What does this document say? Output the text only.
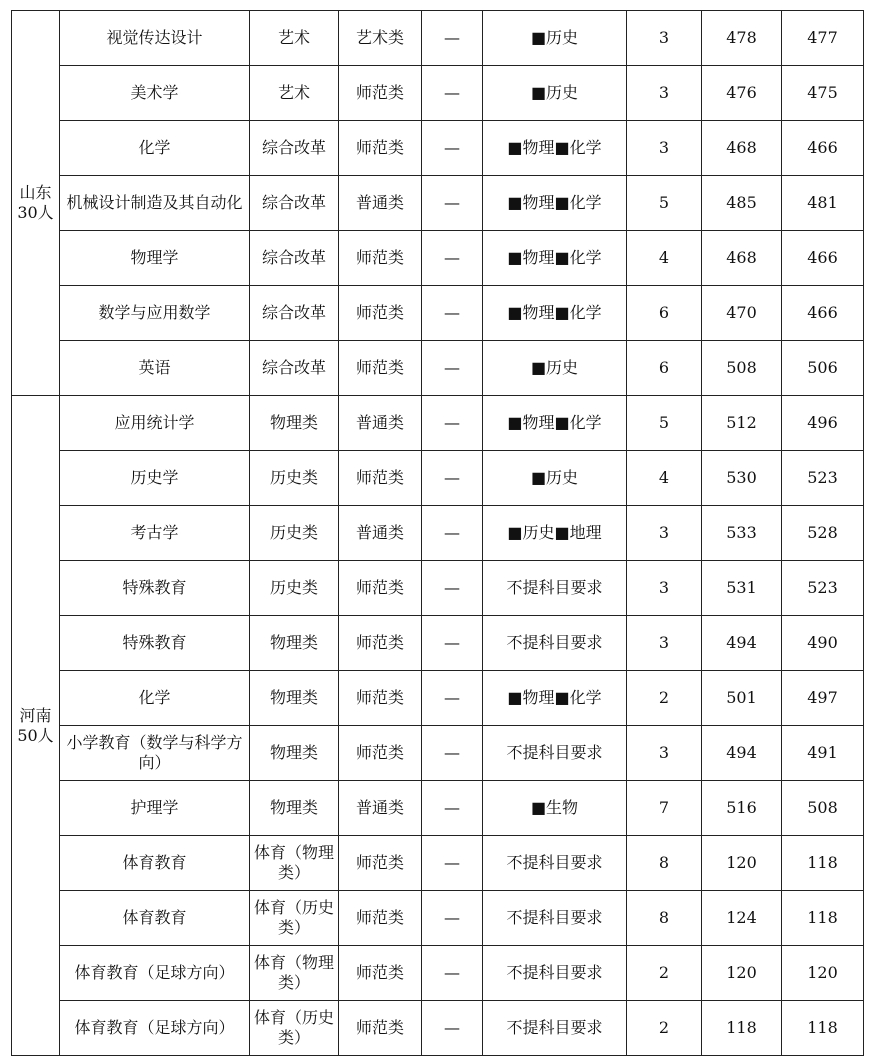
山东
30人	视觉传达设计	艺术	艺术类	—	■历史	3	478	477
	美术学	艺术	师范类	—	■历史	3	476	475
	化学	综合改革	师范类	—	■物理■化学	3	468	466
	机械设计制造及其自动化	综合改革	普通类	—	■物理■化学	5	485	481
	物理学	综合改革	师范类	—	■物理■化学	4	468	466
	数学与应用数学	综合改革	师范类	—	■物理■化学	6	470	466
	英语	综合改革	师范类	—	■历史	6	508	506

河南
50人	应用统计学	物理类	普通类	—	■物理■化学	5	512	496
	历史学	历史类	师范类	—	■历史	4	530	523
	考古学	历史类	普通类	—	■历史■地理	3	533	528
	特殊教育	历史类	师范类	—	不提科目要求	3	531	523
	特殊教育	物理类	师范类	—	不提科目要求	3	494	490
	化学	物理类	师范类	—	■物理■化学	2	501	497
	小学教育（数学与科学方向）	物理类	师范类	—	不提科目要求	3	494	491
	护理学	物理类	普通类	—	■生物	7	516	508
	体育教育	体育（物理类）	师范类	—	不提科目要求	8	120	118
	体育教育	体育（历史类）	师范类	—	不提科目要求	8	124	118
	体育教育（足球方向）	体育（物理类）	师范类	—	不提科目要求	2	120	120
	体育教育（足球方向）	体育（历史类）	师范类	—	不提科目要求	2	118	118
